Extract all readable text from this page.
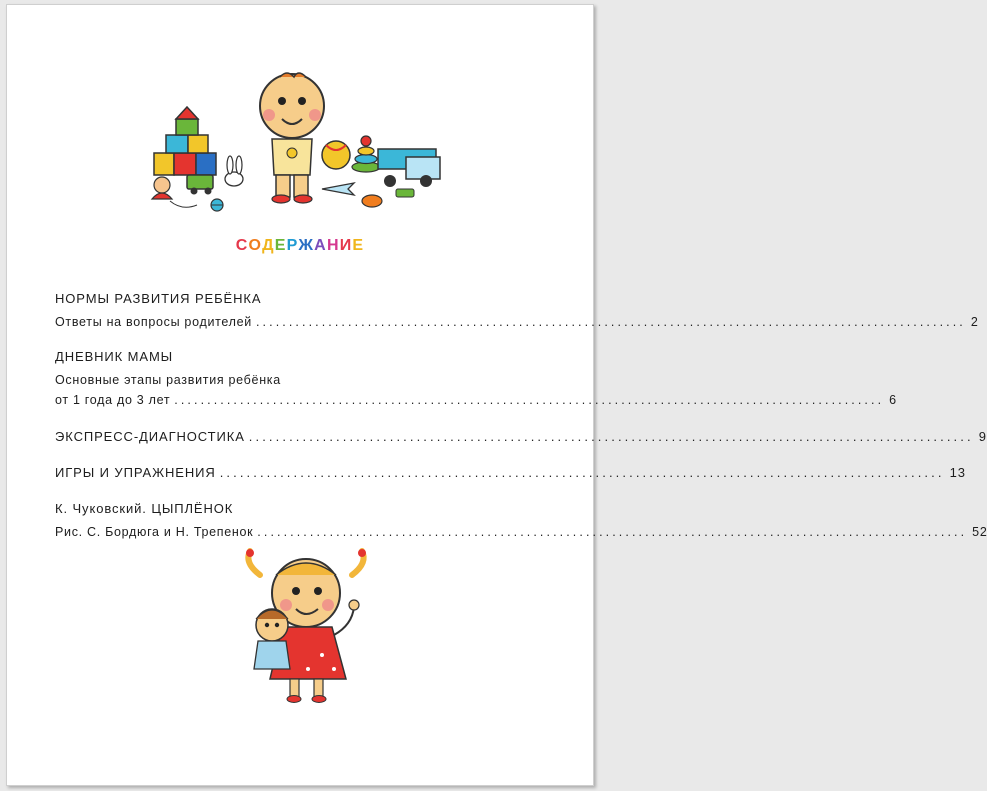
СОДЕРЖАНИЕ
НОРМЫ РАЗВИТИЯ РЕБЁНКА
Ответы на вопросы родителей ............................................................................................................ 2
ДНЕВНИК МАМЫ
Основные этапы развития ребёнка
от 1 года до 3 лет ............................................................................................................ 6
ЭКСПРЕСС-ДИАГНОСТИКА ............................................................................................................ 9
ИГРЫ И УПРАЖНЕНИЯ ............................................................................................................ 13
К. Чуковский. ЦЫПЛЁНОК
Рис. С. Бордюга и Н. Трепенок ............................................................................................................ 52
